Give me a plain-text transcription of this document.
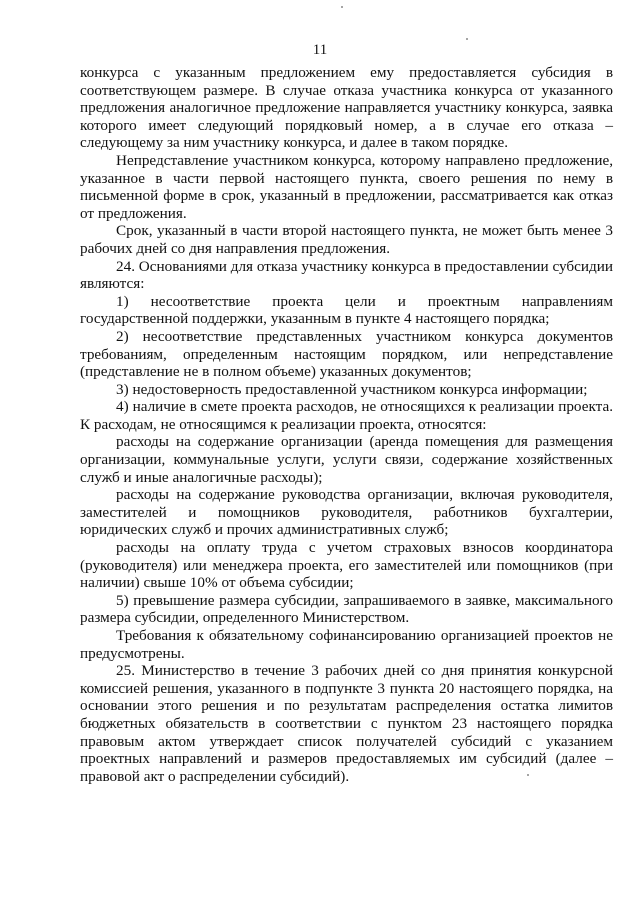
11

конкурса с указанным предложением ему предоставляется субсидия в соответствующем размере. В случае отказа участника конкурса от указанного предложения аналогичное предложение направляется участнику конкурса, заявка которого имеет следующий порядковый номер, а в случае его отказа – следующему за ним участнику конкурса, и далее в таком порядке.

Непредставление участником конкурса, которому направлено предложение, указанное в части первой настоящего пункта, своего решения по нему в письменной форме в срок, указанный в предложении, рассматривается как отказ от предложения.

Срок, указанный в части второй настоящего пункта, не может быть менее 3 рабочих дней со дня направления предложения.

24. Основаниями для отказа участнику конкурса в предоставлении субсидии являются:

1) несоответствие проекта цели и проектным направлениям государственной поддержки, указанным в пункте 4 настоящего порядка;

2) несоответствие представленных участником конкурса документов требованиям, определенным настоящим порядком, или непредставление (представление не в полном объеме) указанных документов;

3) недостоверность предоставленной участником конкурса информации;

4) наличие в смете проекта расходов, не относящихся к реализации проекта. К расходам, не относящимся к реализации проекта, относятся:

расходы на содержание организации (аренда помещения для размещения организации, коммунальные услуги, услуги связи, содержание хозяйственных служб и иные аналогичные расходы);

расходы на содержание руководства организации, включая руководителя, заместителей и помощников руководителя, работников бухгалтерии, юридических служб и прочих административных служб;

расходы на оплату труда с учетом страховых взносов координатора (руководителя) или менеджера проекта, его заместителей или помощников (при наличии) свыше 10% от объема субсидии;

5) превышение размера субсидии, запрашиваемого в заявке, максимального размера субсидии, определенного Министерством.

Требования к обязательному софинансированию организацией проектов не предусмотрены.

25. Министерство в течение 3 рабочих дней со дня принятия конкурсной комиссией решения, указанного в подпункте 3 пункта 20 настоящего порядка, на основании этого решения и по результатам распределения остатка лимитов бюджетных обязательств в соответствии с пунктом 23 настоящего порядка правовым актом утверждает список получателей субсидий с указанием проектных направлений и размеров предоставляемых им субсидий (далее – правовой акт о распределении субсидий).
